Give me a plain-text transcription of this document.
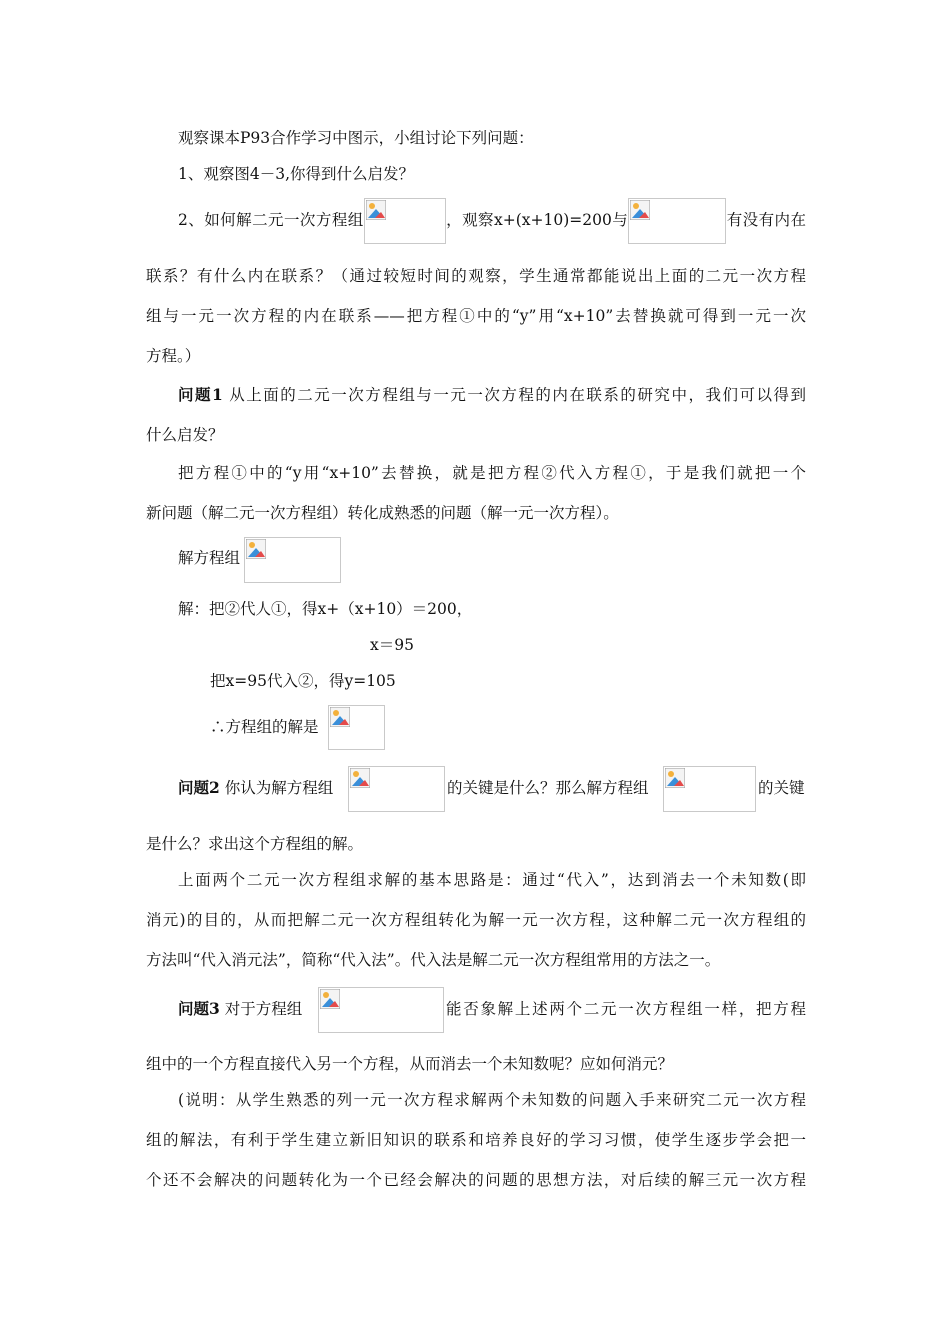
观察课本P93合作学习中图示，小组讨论下列问题：
1、观察图4－3,你得到什么启发？
2、如何解二元一次方程组	，观察x+(x+10)=200与	有没有内在
联系？有什么内在联系？（通过较短时间的观察，学生通常都能说出上面的二元一次方程
组与一元一次方程的内在联系——把方程①中的“y”用“x+10”去替换就可得到一元一次
方程。）
问题1 从上面的二元一次方程组与一元一次方程的内在联系的研究中，我们可以得到
什么启发？
把方程①中的“y用“x+10”去替换，就是把方程②代入方程①，于是我们就把一个
新问题（解二元一次方程组）转化成熟悉的问题（解一元一次方程）。
解方程组
解：把②代人①，得x+（x+10）＝200，
x＝95
把x=95代入②，得y=105
∴方程组的解是
问题2 你认为解方程组	的关键是什么？那么解方程组	的关键
是什么？求出这个方程组的解。
上面两个二元一次方程组求解的基本思路是：通过“代入”，达到消去一个未知数(即
消元)的目的，从而把解二元一次方程组转化为解一元一次方程，这种解二元一次方程组的
方法叫“代入消元法”，简称“代入法”。代入法是解二元一次方程组常用的方法之一。
问题3 对于方程组	能否象解上述两个二元一次方程组一样，把方程
组中的一个方程直接代入另一个方程，从而消去一个未知数呢？应如何消元？
(说明：从学生熟悉的列一元一次方程求解两个未知数的问题入手来研究二元一次方程
组的解法，有利于学生建立新旧知识的联系和培养良好的学习习惯，使学生逐步学会把一
个还不会解决的问题转化为一个已经会解决的问题的思想方法，对后续的解三元一次方程
